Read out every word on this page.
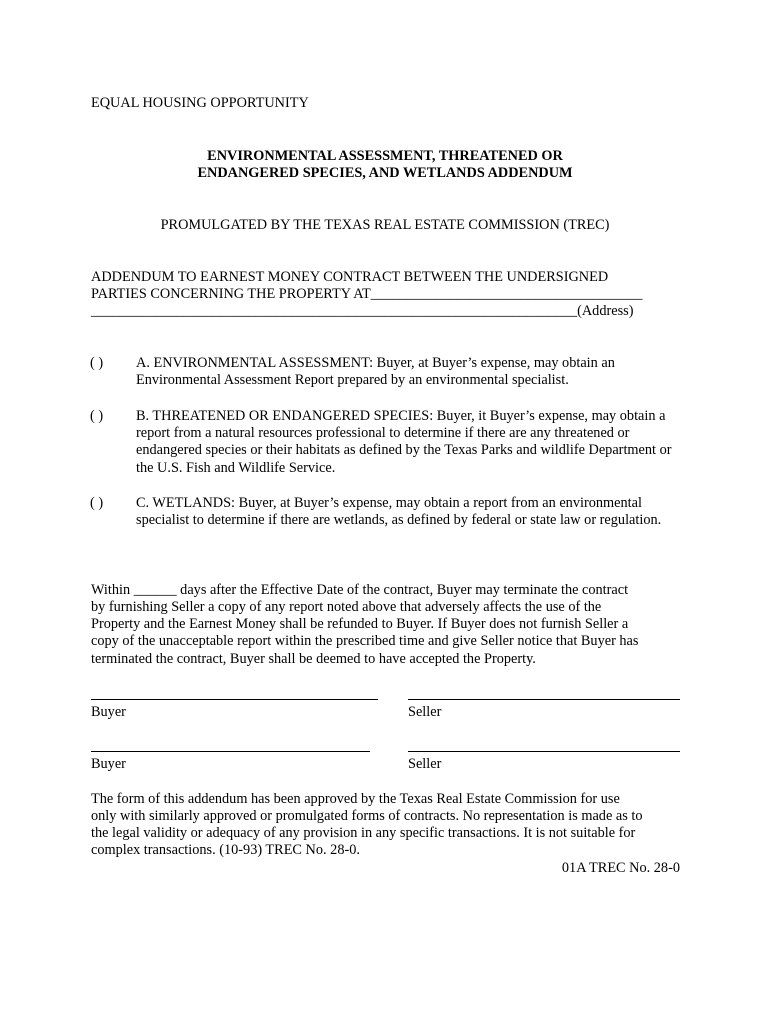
EQUAL HOUSING OPPORTUNITY
ENVIRONMENTAL ASSESSMENT, THREATENED OR
ENDANGERED SPECIES, AND WETLANDS ADDENDUM
PROMULGATED BY THE TEXAS REAL ESTATE COMMISSION (TREC)
ADDENDUM TO EARNEST MONEY CONTRACT BETWEEN THE UNDERSIGNED
PARTIES CONCERNING THE PROPERTY AT______________________________________
____________________________________________________________________(Address)
( )	A. ENVIRONMENTAL ASSESSMENT: Buyer, at Buyer’s expense, may obtain an Environmental Assessment Report prepared by an environmental specialist.
( )	B. THREATENED OR ENDANGERED SPECIES: Buyer, it Buyer’s expense, may obtain a report from a natural resources professional to determine if there are any threatened or endangered species or their habitats as defined by the Texas Parks and wildlife Department or the U.S. Fish and Wildlife Service.
( )	C. WETLANDS: Buyer, at Buyer’s expense, may obtain a report from an environmental specialist to determine if there are wetlands, as defined by federal or state law or regulation.
Within ______ days after the Effective Date of the contract, Buyer may terminate the contract
by furnishing Seller a copy of any report noted above that adversely affects the use of the
Property and the Earnest Money shall be refunded to Buyer. If Buyer does not furnish Seller a
copy of the unacceptable report within the prescribed time and give Seller notice that Buyer has
terminated the contract, Buyer shall be deemed to have accepted the Property.
Buyer	Seller
Buyer	Seller
The form of this addendum has been approved by the Texas Real Estate Commission for use
only with similarly approved or promulgated forms of contracts. No representation is made as to
the legal validity or adequacy of any provision in any specific transactions. It is not suitable for
complex transactions. (10-93) TREC No. 28-0.
01A TREC No. 28-0
